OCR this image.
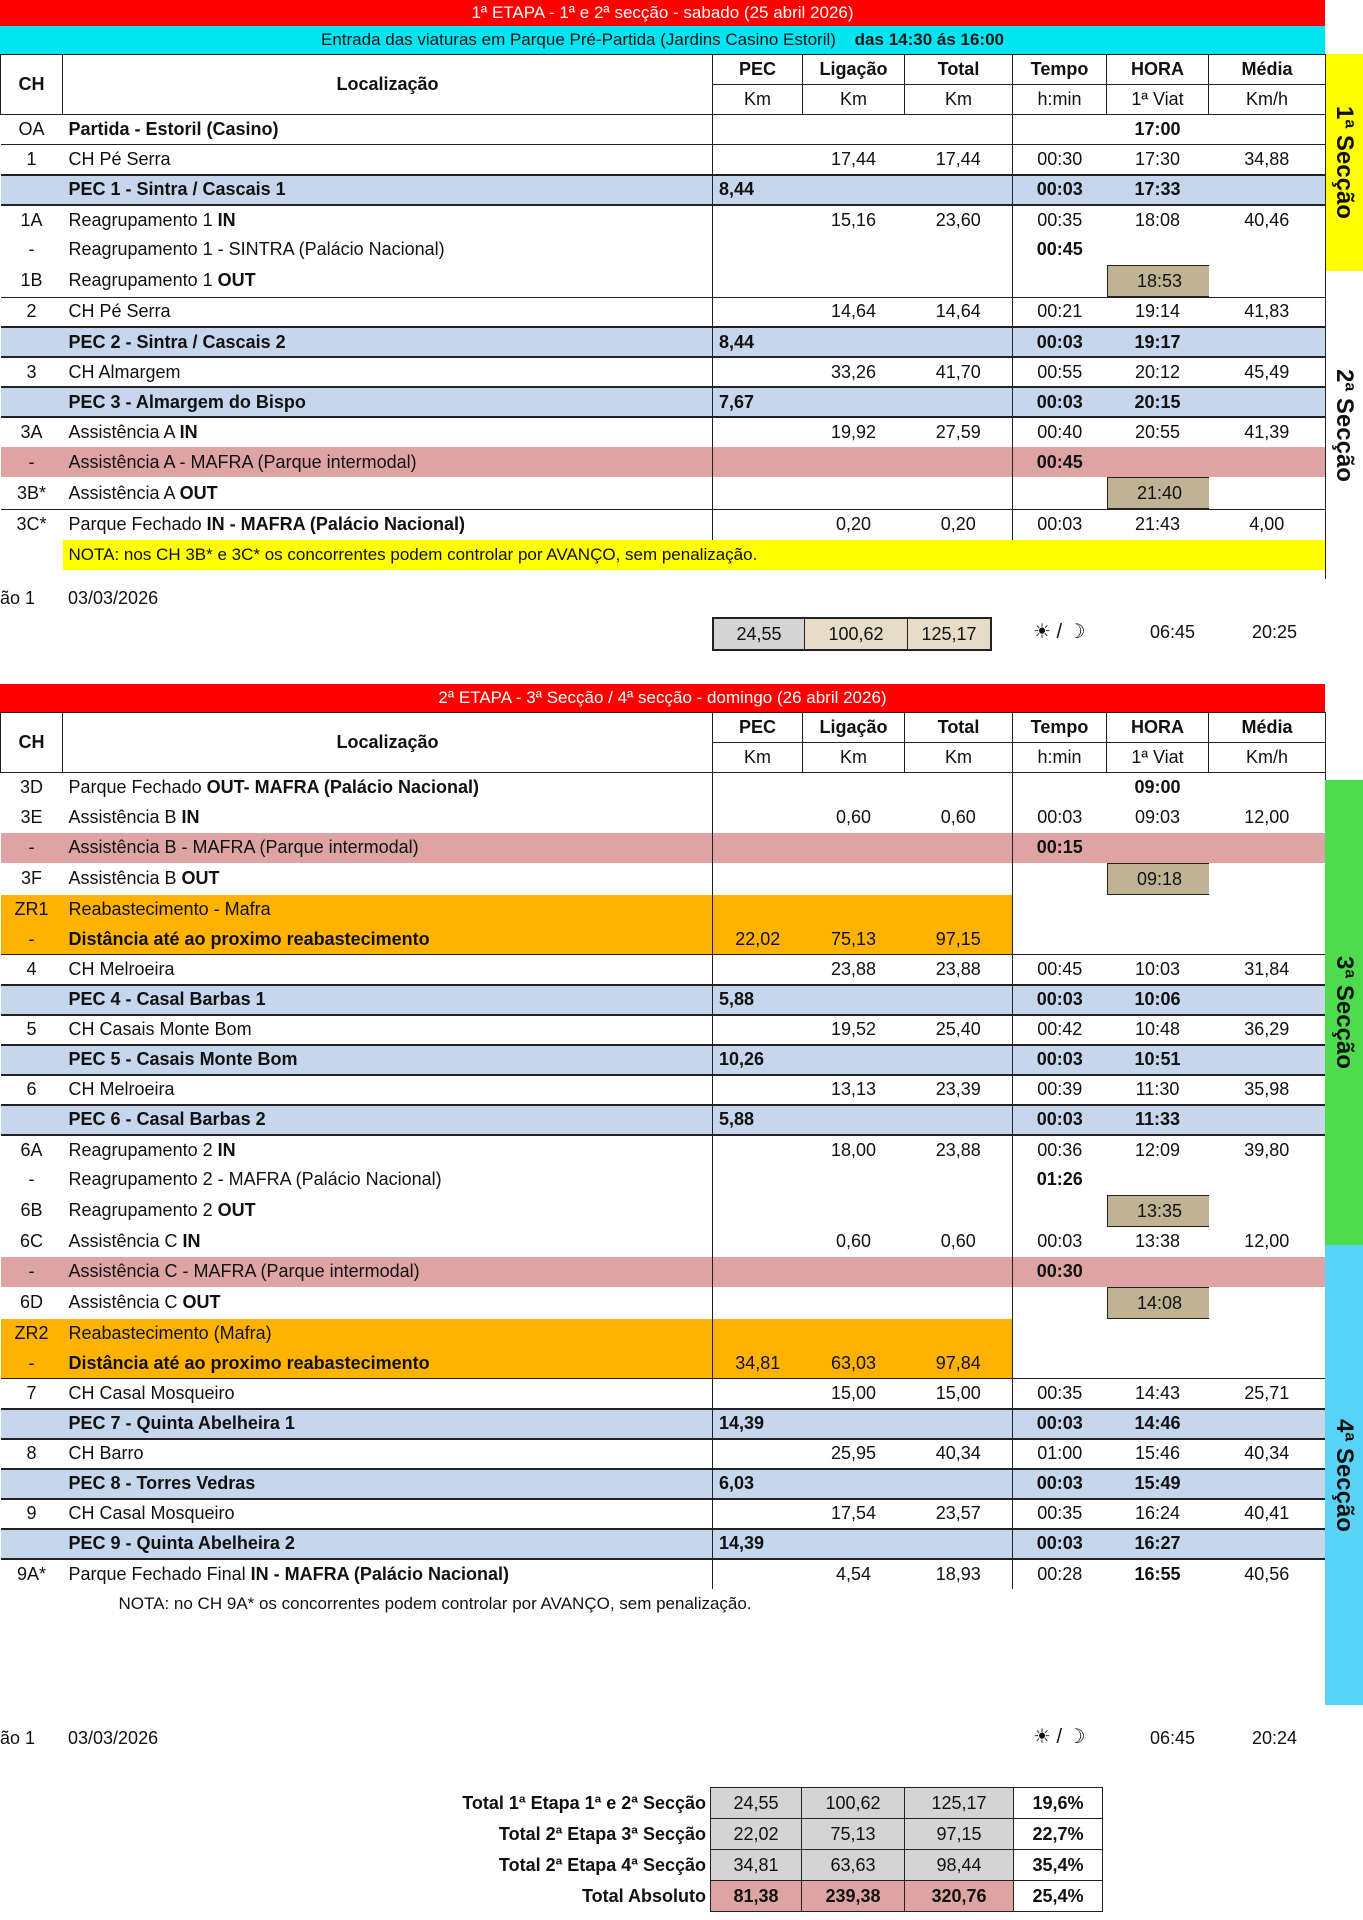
1ª ETAPA - 1ª e 2ª secção - sabado (25 abril 2026)
Entrada das viaturas em Parque Pré-Partida (Jardins Casino Estoril) das 14:30 ás 16:00
CH	Localização	PEC	Ligação	Total	Tempo	HORA	Média
		Km	Km	Km	h:min	1ª Viat	Km/h
OA	Partida - Estoril (Casino)					17:00	
1	CH Pé Serra		17,44	17,44	00:30	17:30	34,88
	PEC 1 - Sintra / Cascais 1	8,44			00:03	17:33	
1A	Reagrupamento 1 IN		15,16	23,60	00:35	18:08	40,46
-	Reagrupamento 1 - SINTRA (Palácio Nacional)				00:45		
1B	Reagrupamento 1 OUT					18:53	
2	CH Pé Serra		14,64	14,64	00:21	19:14	41,83
	PEC 2 - Sintra / Cascais 2	8,44			00:03	19:17	
3	CH Almargem		33,26	41,70	00:55	20:12	45,49
	PEC 3 - Almargem do Bispo	7,67			00:03	20:15	
3A	Assistência A IN		19,92	27,59	00:40	20:55	41,39
-	Assistência A - MAFRA (Parque intermodal)				00:45		
3B*	Assistência A OUT					21:40	
3C*	Parque Fechado IN - MAFRA (Palácio Nacional)		0,20	0,20	00:03	21:43	4,00
	NOTA: nos CH 3B* e 3C* os concorrentes podem controlar por AVANÇO, sem penalização.						
1ª Secção
2ª Secção
ão 1 03/03/2026
24,55	100,62	125,17	☀ / ☽	06:45	20:25
2ª ETAPA - 3ª Secção / 4ª secção - domingo (26 abril 2026)
CH	Localização	PEC	Ligação	Total	Tempo	HORA	Média
		Km	Km	Km	h:min	1ª Viat	Km/h
3D	Parque Fechado OUT- MAFRA (Palácio Nacional)					09:00	
3E	Assistência B IN		0,60	0,60	00:03	09:03	12,00
-	Assistência B - MAFRA (Parque intermodal)				00:15		
3F	Assistência B OUT					09:18	
ZR1	Reabastecimento - Mafra						
-	Distância até ao proximo reabastecimento	22,02	75,13	97,15			
4	CH Melroeira		23,88	23,88	00:45	10:03	31,84
	PEC 4 - Casal Barbas 1	5,88			00:03	10:06	
5	CH Casais Monte Bom		19,52	25,40	00:42	10:48	36,29
	PEC 5 - Casais Monte Bom	10,26			00:03	10:51	
6	CH Melroeira		13,13	23,39	00:39	11:30	35,98
	PEC 6 - Casal Barbas 2	5,88			00:03	11:33	
6A	Reagrupamento 2 IN		18,00	23,88	00:36	12:09	39,80
-	Reagrupamento 2 - MAFRA (Palácio Nacional)				01:26		
6B	Reagrupamento 2 OUT					13:35	
6C	Assistência C IN		0,60	0,60	00:03	13:38	12,00
-	Assistência C - MAFRA (Parque intermodal)				00:30		
6D	Assistência C OUT					14:08	
ZR2	Reabastecimento (Mafra)						
-	Distância até ao proximo reabastecimento	34,81	63,03	97,84			
7	CH Casal Mosqueiro		15,00	15,00	00:35	14:43	25,71
	PEC 7 - Quinta Abelheira 1	14,39			00:03	14:46	
8	CH Barro		25,95	40,34	01:00	15:46	40,34
	PEC 8 - Torres Vedras	6,03			00:03	15:49	
9	CH Casal Mosqueiro		17,54	23,57	00:35	16:24	40,41
	PEC 9 - Quinta Abelheira 2	14,39			00:03	16:27	
9A*	Parque Fechado Final IN - MAFRA (Palácio Nacional)		4,54	18,93	00:28	16:55	40,56
	NOTA: no CH 9A* os concorrentes podem controlar por AVANÇO, sem penalização.						
3ª Secção
4ª Secção
ão 1 03/03/2026	☀ / ☽	06:45	20:24
Total 1ª Etapa 1ª e 2ª Secção	24,55	100,62	125,17	19,6%
Total 2ª Etapa 3ª Secção	22,02	75,13	97,15	22,7%
Total 2ª Etapa 4ª Secção	34,81	63,63	98,44	35,4%
Total Absoluto	81,38	239,38	320,76	25,4%
